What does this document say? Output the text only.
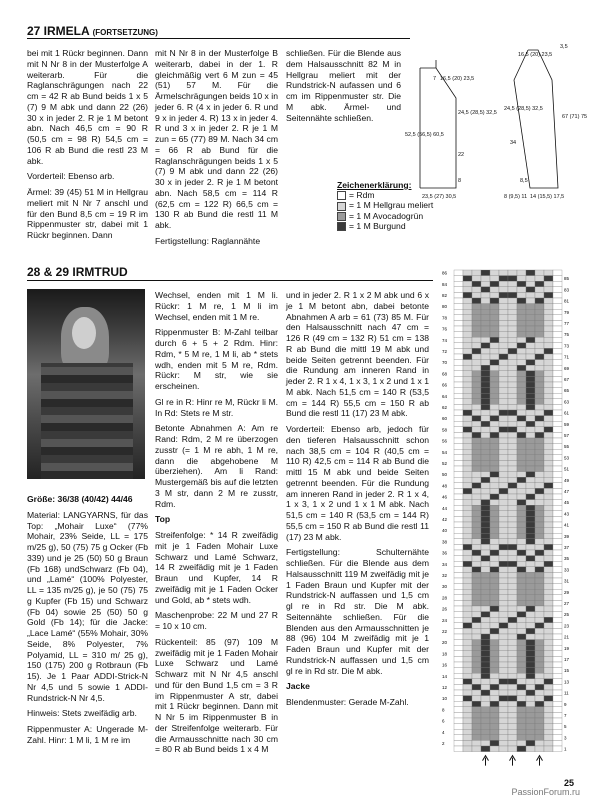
27 IRMELA (FORTSETZUNG)

bei mit 1 Rückr beginnen. Dann mit N Nr 8 in der Musterfolge A weiterarb. Für die Raglanschrägungen nach 22 cm = 42 R ab Bund beids 1 x 5 (7) 9 M abk und dann 22 (26) 30 x in jeder 2. R je 1 M betont abn. Nach 46,5 cm = 90 R (50,5 cm = 98 R) 54,5 cm = 106 R ab Bund die restl 23 M abk.

Vorderteil: Ebenso arb.

Ärmel: 39 (45) 51 M in Hellgrau meliert mit N Nr 7 anschl und für den Bund 8,5 cm = 19 R im Rippenmuster str, dabei mit 1 Rückr beginnen. Dann

mit N Nr 8 in der Musterfolge B weiterarb, dabei in der 1. R gleichmäßig vert 6 M zun = 45 (51) 57 M. Für die Ärmelschrägungen beids 10 x in jeder 6. R (4 x in jeder 6. R und 9 x in jeder 4. R) 13 x in jeder 4. R und 3 x in jeder 2. R je 1 M zun = 65 (77) 89 M. Nach 34 cm = 66 R ab Bund für die Raglanschrägungen beids 1 x 5 (7) 9 M abk und dann 22 (26) 30 x in jeder 2. R je 1 M betont abn. Nach 58,5 cm = 114 R (62,5 cm = 122 R) 66,5 cm = 130 R ab Bund die restl 11 M abk.

Fertigstellung: Raglannähte

schließen. Für die Blende aus dem Halsausschnitt 82 M in Hellgrau meliert mit der Rundstrick-N aufassen und 6 cm im Rippenmuster str. Die M abk. Ärmel- und Seitennähte schließen.

7 16,5 (20) 23,5
24,5 (28,5) 32,5
52,5 (56,5) 60,5
22
8
23,5 (27) 30,5
3,5
16,5 (20) 23,5
24,5 (28,5) 32,5
67 (71) 75
34
8,5
8 (9,5) 11 14 (15,5) 17,5
Zeichenerklärung:
= Rdm
= 1 M Hellgrau meliert
= 1 M Avocadogrün
= 1 M Burgund
28 & 29 IRMTRUD

Größe: 36/38 (40/42) 44/46

Material: LANGYARNS, für das Top: „Mohair Luxe“ (77% Mohair, 23% Seide, LL = 175 m/25 g), 50 (75) 75 g Ocker (Fb 339) und je 25 (50) 50 g Braun (Fb 168) undSchwarz (Fb 04), und „Lamé“ (100% Polyester, LL = 135 m/25 g), je 50 (75) 75 g Kupfer (Fb 15) und Schwarz (Fb 04) sowie 25 (50) 50 g Gold (Fb 14); für die Jacke: „Lace Lamé“ (55% Mohair, 30% Seide, 8% Polyester, 7% Polyamid, LL = 310 m/ 25 g), 150 (175) 200 g Rotbraun (Fb 15). Je 1 Paar ADDI-Strick-N Nr 4,5 und 5 sowie 1 ADDI-Rundstrick-N Nr 4,5.

Hinweis: Stets zweifädig arb.

Rippenmuster A: Ungerade M-Zahl. Hinr: 1 M li, 1 M re im

Wechsel, enden mit 1 M li. Rückr: 1 M re, 1 M li im Wechsel, enden mit 1 M re.

Rippenmuster B: M-Zahl teilbar durch 6 + 5 + 2 Rdm. Hinr: Rdm, * 5 M re, 1 M li, ab * stets wdh, enden mit 5 M re, Rdm. Rückr: M str, wie sie erscheinen.

Gl re in R: Hinr re M, Rückr li M. In Rd: Stets re M str.

Betonte Abnahmen A: Am re Rand: Rdm, 2 M re überzogen zusstr (= 1 M re abh, 1 M re, dann die abgehobene M überziehen). Am li Rand: Mustergemäß bis auf die letzten 3 M str, dann 2 M re zusstr, Rdm.

Top

Streifenfolge: * 14 R zweifädig mit je 1 Faden Mohair Luxe Schwarz und Lamé Schwarz, 14 R zweifädig mit je 1 Faden Braun und Kupfer, 14 R zweifädig mit je 1 Faden Ocker und Gold, ab * stets wdh.

Maschenprobe: 22 M und 27 R = 10 x 10 cm.

Rückenteil: 85 (97) 109 M zweifädig mit je 1 Faden Mohair Luxe Schwarz und Lamé Schwarz mit N Nr 4,5 anschl und für den Bund 1,5 cm = 3 R im Rippenmuster A str, dabei mit 1 Rückr beginnen. Dann mit N Nr 5 im Rippenmuster B in der Streifenfolge weiterarb. Für die Armausschnitte nach 30 cm = 80 R ab Bund beids 1 x 4 M

und in jeder 2. R 1 x 2 M abk und 6 x je 1 M betont abn, dabei betonte Abnahmen A arb = 61 (73) 85 M. Für den Halsausschnitt nach 47 cm = 126 R (49 cm = 132 R) 51 cm = 138 R ab Bund die mittl 19 M abk und beide Seiten getrennt beenden. Für die Rundung am inneren Rand in jeder 2. R 1 x 4, 1 x 3, 1 x 2 und 1 x 1 M abk. Nach 51,5 cm = 140 R (53,5 cm = 144 R) 55,5 cm = 150 R ab Bund die restl 11 (17) 23 M abk.

Vorderteil: Ebenso arb, jedoch für den tieferen Halsausschnitt schon nach 38,5 cm = 104 R (40,5 cm = 110 R) 42,5 cm = 114 R ab Bund die mittl 15 M abk und beide Seiten getrennt beenden. Für die Rundung am inneren Rand in jeder 2. R 1 x 4, 1 x 3, 1 x 2 und 1 x 1 M abk. Nach 51,5 cm = 140 R (53,5 cm = 144 R) 55,5 cm = 150 R ab Bund die restl 11 (17) 23 M abk.

Fertigstellung: Schulternähte schließen. Für die Blende aus dem Halsausschnitt 119 M zweifädig mit je 1 Faden Braun und Kupfer mit der Rundstrick-N auffassen und 1,5 cm gl re in Rd str. Die M abk. Seitennähte schließen. Für die Blenden aus den Armausschnitten je 88 (96) 104 M zweifädig mit je 1 Faden Braun und Kupfer mit der Rundstrick-N auffassen und 1,5 cm gl re in Rd str. Die M abk.

Jacke

Blendenmuster: Gerade M-Zahl.

86
85
84
83
82
81
80
79
78
77
76
75
74
73
72
71
70
69
68
67
66
65
64
63
62
61
60
59
58
57
56
55
54
53
52
51
50
49
48
47
46
45
44
43
42
41
40
39
38
37
36
35
34
33
32
31
30
29
28
27
26
25
24
23
22
21
20
19
18
17
16
15
14
13
12
11
10
9
8
7
6
5
4
3
2
1
25
PassionForum.ru
